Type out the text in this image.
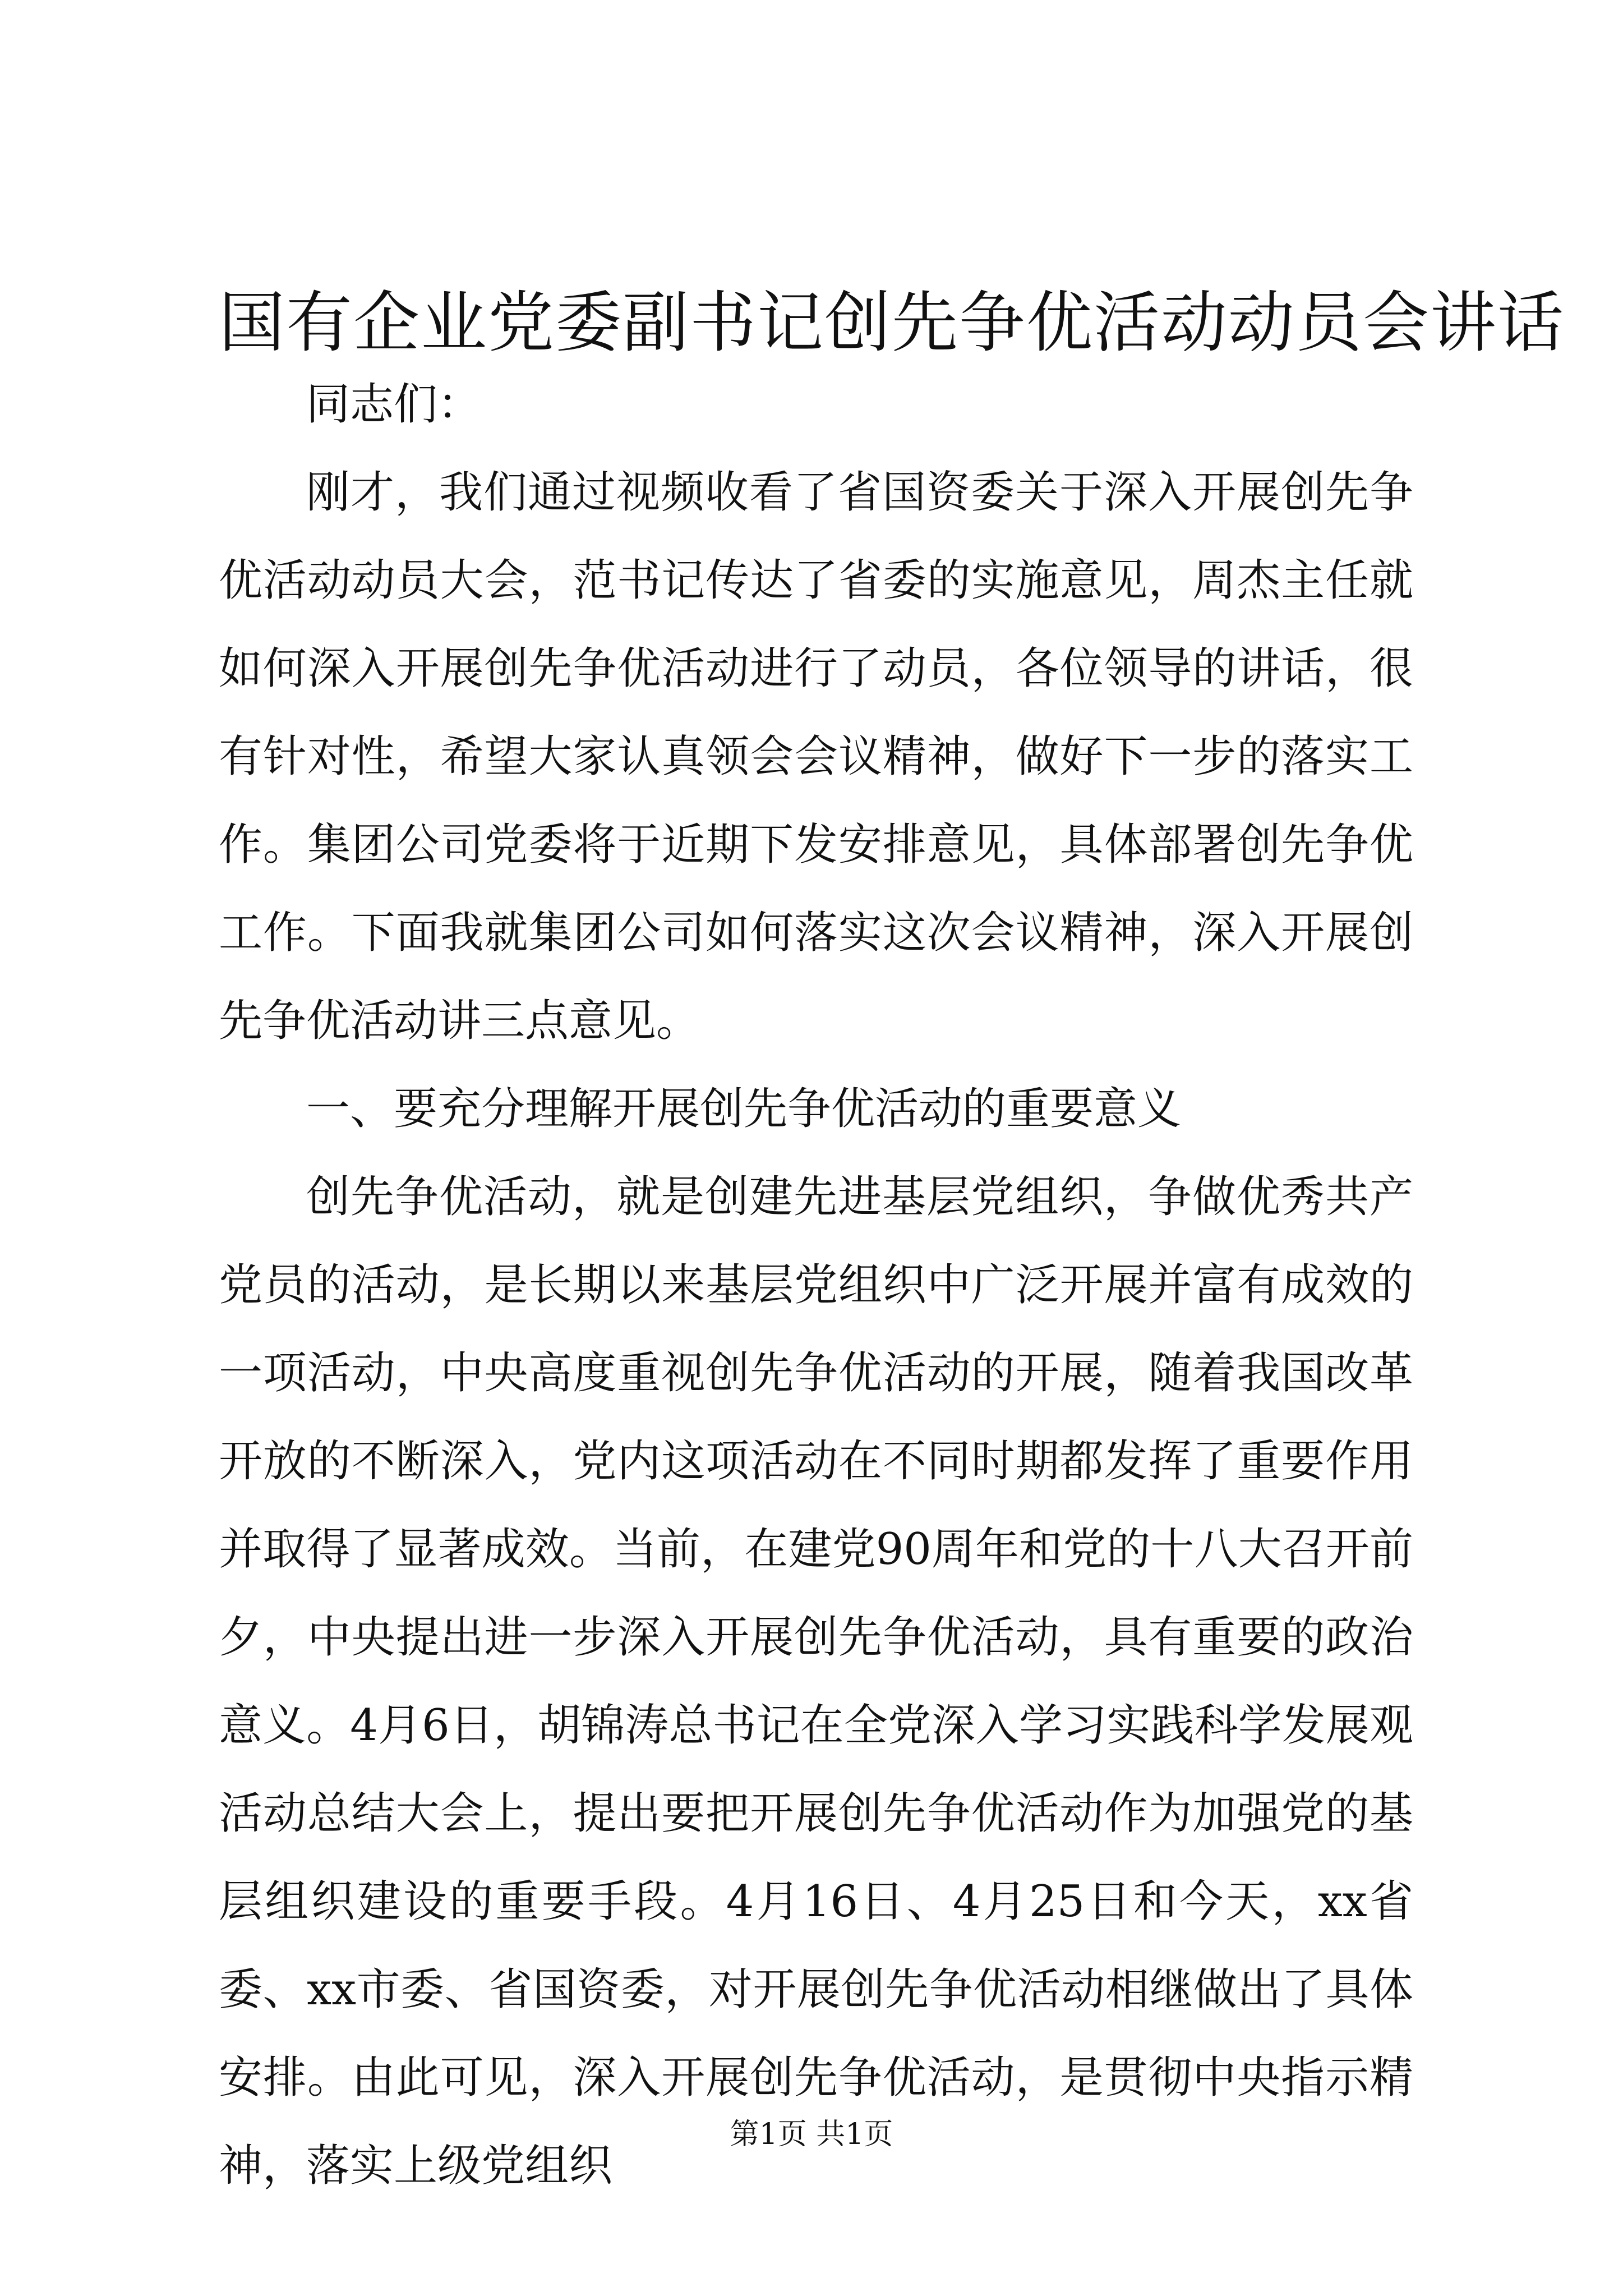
国有企业党委副书记创先争优活动动员会讲话

同志们：

刚才，我们通过视频收看了省国资委关于深入开展创先争优活动动员大会，范书记传达了省委的实施意见，周杰主任就如何深入开展创先争优活动进行了动员，各位领导的讲话，很有针对性，希望大家认真领会会议精神，做好下一步的落实工作。集团公司党委将于近期下发安排意见，具体部署创先争优工作。下面我就集团公司如何落实这次会议精神，深入开展创先争优活动讲三点意见。

一、要充分理解开展创先争优活动的重要意义

创先争优活动，就是创建先进基层党组织，争做优秀共产党员的活动，是长期以来基层党组织中广泛开展并富有成效的一项活动，中央高度重视创先争优活动的开展，随着我国改革开放的不断深入，党内这项活动在不同时期都发挥了重要作用并取得了显著成效。当前，在建党90周年和党的十八大召开前夕，中央提出进一步深入开展创先争优活动，具有重要的政治意义。4月6日，胡锦涛总书记在全党深入学习实践科学发展观活动总结大会上，提出要把开展创先争优活动作为加强党的基层组织建设的重要手段。4月16日、4月25日和今天，xx省委、xx市委、省国资委，对开展创先争优活动相继做出了具体安排。由此可见，深入开展创先争优活动，是贯彻中央指示精神，落实上级党组织

第1页 共1页
